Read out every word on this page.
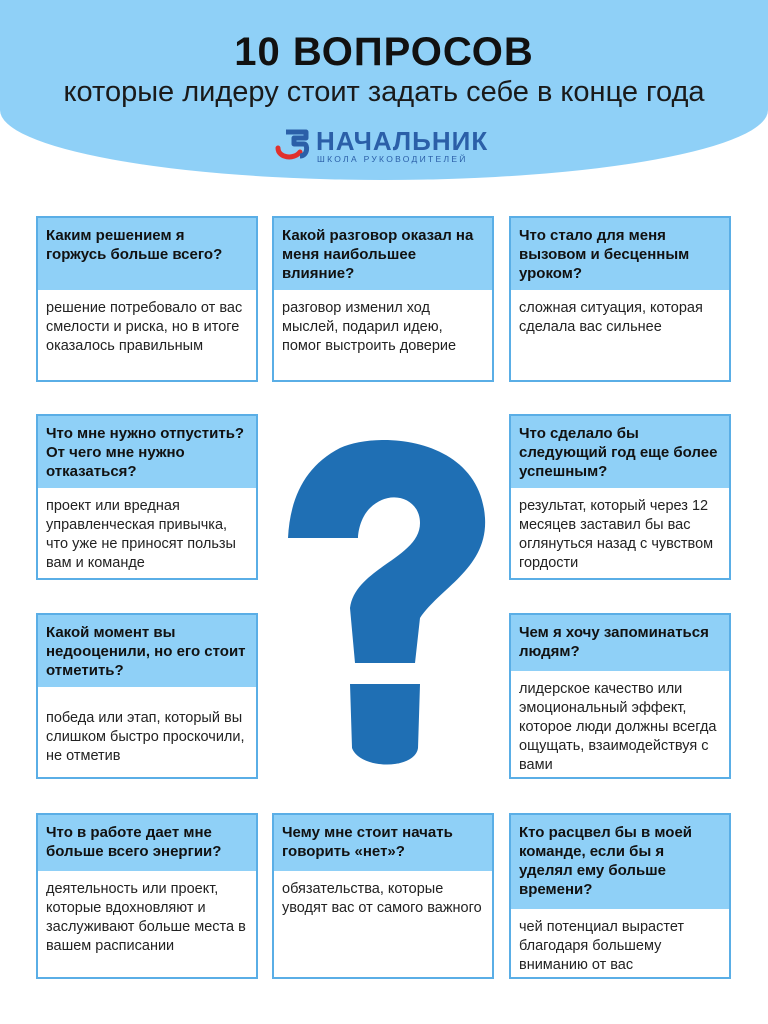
10 ВОПРОСОВ
которые лидеру стоит задать себе в конце года
НАЧАЛЬНИК
ШКОЛА РУКОВОДИТЕЛЕЙ
Каким решением я горжусь больше всего?
решение потребовало от вас смелости и риска, но в итоге оказалось правильным
Какой разговор оказал на меня наибольшее влияние?
разговор изменил ход мыслей, подарил идею, помог выстроить доверие
Что стало для меня вызовом и бесценным уроком?
сложная ситуация, которая сделала вас сильнее
Что мне нужно отпустить? От чего мне нужно отказаться?
проект или вредная управленческая привычка, что уже не приносят пользы вам и команде
Что сделало бы следующий год еще более успешным?
результат, который через 12 месяцев заставил бы вас оглянуться назад с чувством гордости
Какой момент вы недооценили, но его стоит отметить?
победа или этап, который вы слишком быстро проскочили, не отметив
Чем я хочу запоминаться людям?
лидерское качество или эмоциональный эффект, которое люди должны всегда ощущать, взаимодействуя с вами
Что в работе дает мне больше всего энергии?
деятельность или проект, которые вдохновляют и заслуживают больше места в вашем расписании
Чему мне стоит начать говорить «нет»?
обязательства, которые уводят вас от самого важного
Кто расцвел бы в моей команде, если бы я уделял ему больше времени?
чей потенциал вырастет благодаря большему вниманию от вас
